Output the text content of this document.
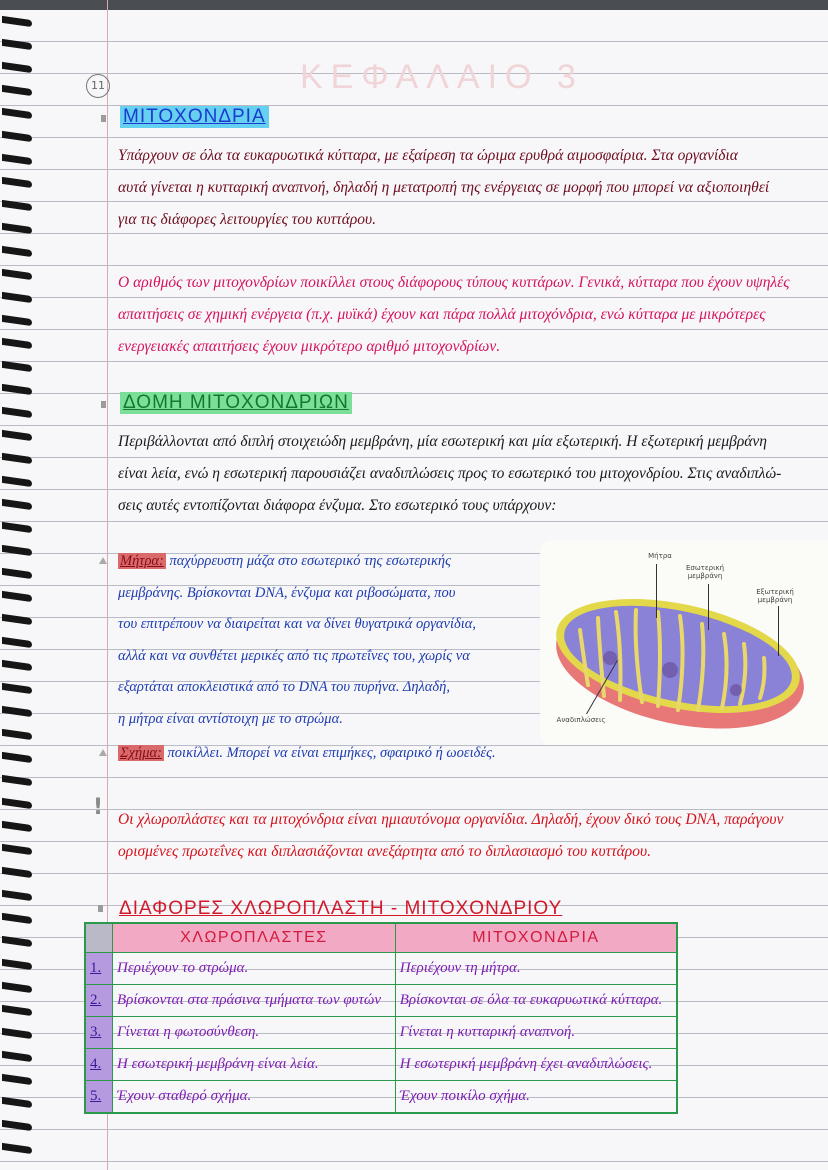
ΚΕΦΑΛΑΙΟ 3
11
ΜΙΤΟΧΟΝΔΡΙΑ
Υπάρχουν σε όλα τα ευκαρυωτικά κύτταρα, με εξαίρεση τα ώριμα ερυθρά αιμοσφαίρια. Στα οργανίδια
αυτά γίνεται η κυτταρική αναπνοή, δηλαδή η μετατροπή της ενέργειας σε μορφή που μπορεί να αξιοποιηθεί
για τις διάφορες λειτουργίες του κυττάρου.
Ο αριθμός των μιτοχονδρίων ποικίλλει στους διάφορους τύπους κυττάρων. Γενικά, κύτταρα που έχουν υψηλές
απαιτήσεις σε χημική ενέργεια (π.χ. μυϊκά) έχουν και πάρα πολλά μιτοχόνδρια, ενώ κύτταρα με μικρότερες
ενεργειακές απαιτήσεις έχουν μικρότερο αριθμό μιτοχονδρίων.
ΔΟΜΗ ΜΙΤΟΧΟΝΔΡΙΩΝ
Περιβάλλονται από διπλή στοιχειώδη μεμβράνη, μία εσωτερική και μία εξωτερική. Η εξωτερική μεμβράνη
είναι λεία, ενώ η εσωτερική παρουσιάζει αναδιπλώσεις προς το εσωτερικό του μιτοχονδρίου. Στις αναδιπλώ-
σεις αυτές εντοπίζονται διάφορα ένζυμα. Στο εσωτερικό τους υπάρχουν:
Μήτρα: παχύρρευστη μάζα στο εσωτερικό της εσωτερικής
μεμβράνης. Βρίσκονται DNA, ένζυμα και ριβοσώματα, που
του επιτρέπουν να διαιρείται και να δίνει θυγατρικά οργανίδια,
αλλά και να συνθέτει μερικές από τις πρωτεΐνες του, χωρίς να
εξαρτάται αποκλειστικά από το DNA του πυρήνα. Δηλαδή,
η μήτρα είναι αντίστοιχη με το στρώμα.
Σχήμα: ποικίλλει. Μπορεί να είναι επιμήκες, σφαιρικό ή ωοειδές.
Μήτρα
Εσωτερική μεμβράνη
Εξωτερική μεμβράνη
Αναδιπλώσεις
! Οι χλωροπλάστες και τα μιτοχόνδρια είναι ημιαυτόνομα οργανίδια. Δηλαδή, έχουν δικό τους DNA, παράγουν
ορισμένες πρωτεΐνες και διπλασιάζονται ανεξάρτητα από το διπλασιασμό του κυττάρου.
ΔΙΑΦΟΡΕΣ ΧΛΩΡΟΠΛΑΣΤΗ - ΜΙΤΟΧΟΝΔΡΙΟΥ
	ΧΛΩΡΟΠΛΑΣΤΕΣ	ΜΙΤΟΧΟΝΔΡΙΑ
1.	Περιέχουν το στρώμα.	Περιέχουν τη μήτρα.
2.	Βρίσκονται στα πράσινα τμήματα των φυτών	Βρίσκονται σε όλα τα ευκαρυωτικά κύτταρα.
3.	Γίνεται η φωτοσύνθεση.	Γίνεται η κυτταρική αναπνοή.
4.	Η εσωτερική μεμβράνη είναι λεία.	Η εσωτερική μεμβράνη έχει αναδιπλώσεις.
5.	Έχουν σταθερό σχήμα.	Έχουν ποικίλο σχήμα.
